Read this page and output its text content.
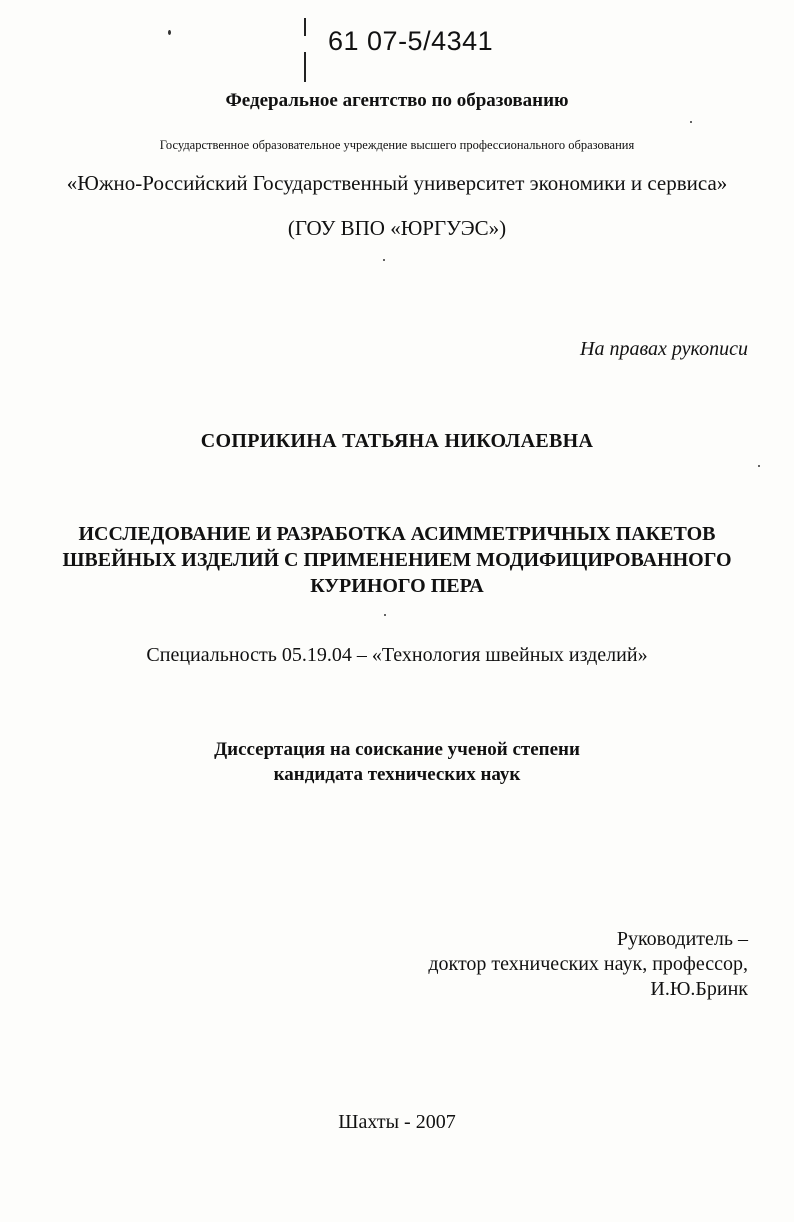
61 07-5/4341

Федеральное агентство по образованию

Государственное образовательное учреждение высшего профессионального образования

«Южно-Российский Государственный университет экономики и сервиса»

(ГОУ ВПО «ЮРГУЭС»)

На правах рукописи

СОПРИКИНА ТАТЬЯНА НИКОЛАЕВНА

ИССЛЕДОВАНИЕ И РАЗРАБОТКА АСИММЕТРИЧНЫХ ПАКЕТОВ
ШВЕЙНЫХ ИЗДЕЛИЙ С ПРИМЕНЕНИЕМ МОДИФИЦИРОВАННОГО
КУРИНОГО ПЕРА

Специальность 05.19.04 – «Технология швейных изделий»

Диссертация на соискание ученой степени
кандидата технических наук

Руководитель –
доктор технических наук, профессор,
И.Ю.Бринк

Шахты - 2007
